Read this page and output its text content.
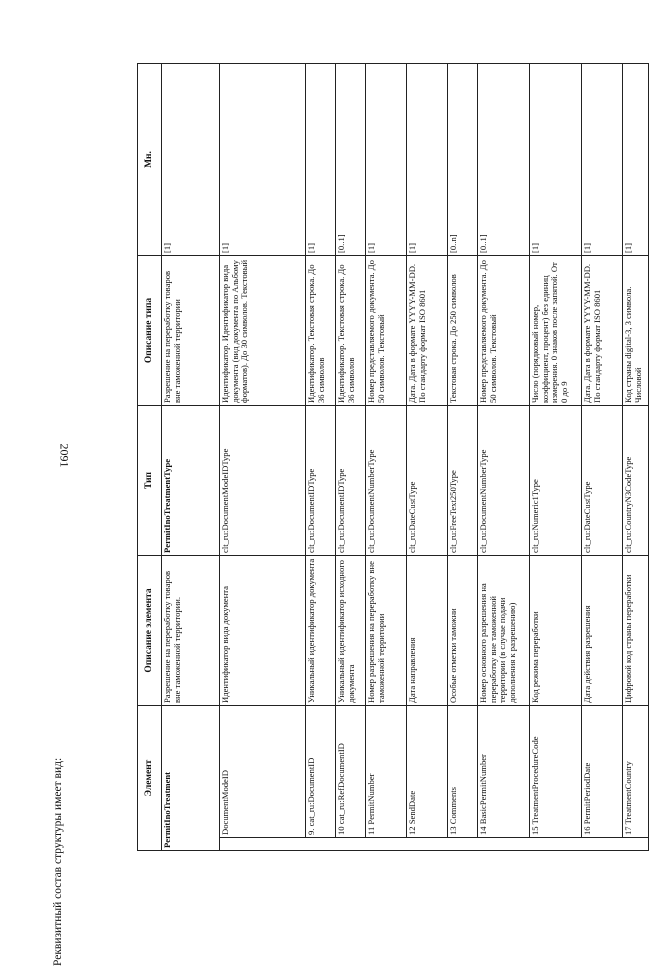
2091
Реквизитный состав структуры имеет вид:	Элемент		Описание элемента	Тип	Описание типа	Мн.
PermitInoTreatment		Разрешение на переработку товаров вне таможенной территории.	PermitInoTreatmentType	Разрешение на переработку товаров вне таможенной территории	[1]
	DocumentModeID	Идентификатор вида документа	clt_ru:DocumentModeIDType	Идентификатор. Идентификатор вида документа (вид документа по Альбому форматов). До 30 символов. Текстовый	[1]
	9. cat_ru:DocumentID	Уникальный идентификатор документа	clt_ru:DocumentIDType	Идентификатор. Текстовая строка. До 36 символов	[1]
	10 cat_ru:RefDocumentID	Уникальный идентификатор исходного документа	clt_ru:DocumentIDType	Идентификатор. Текстовая строка. До 36 символов	[0..1]
	11 PermitNumber	Номер разрешения на переработку вне таможенной территории	clt_ru:DocumentNumberType	Номер представляемого документа. До 50 символов. Текстовый	[1]
	12 SendDate	Дата направления	clt_ru:DateCustType	Дата. Дата в формате YYYY-MM-DD. По стандарту формат ISO 8601	[1]
	13 Comments	Особые отметки таможни	clt_ru:FreeText250Type	Текстовая строка. До 250 символов	[0..n]
	14 BasicPermitNumber	Номер основного разрешения на переработку вне таможенной территории (в случае подачи дополнения к разрешению)	clt_ru:DocumentNumberType	Номер представляемого документа. До 50 символов. Текстовый	[0..1]
	15 TreatmentProcedureCode	Код режима переработки	clt_ru:Numeric1Type	Число (порядковый номер, коэффициент, процент) без единиц измерения. 0 знаков после запятой. От 0 до 9	[1]
	16 PermitPeriodDate	Дата действия разрешения	clt_ru:DateCustType	Дата. Дата в формате YYYY-MM-DD. По стандарту формат ISO 8601	[1]
	17 TreatmentCountry	Цифровой код страны переработки	clt_ru:CountryN3CodeType	Код страны digital-3, 3 символа. Числовой	[1]
